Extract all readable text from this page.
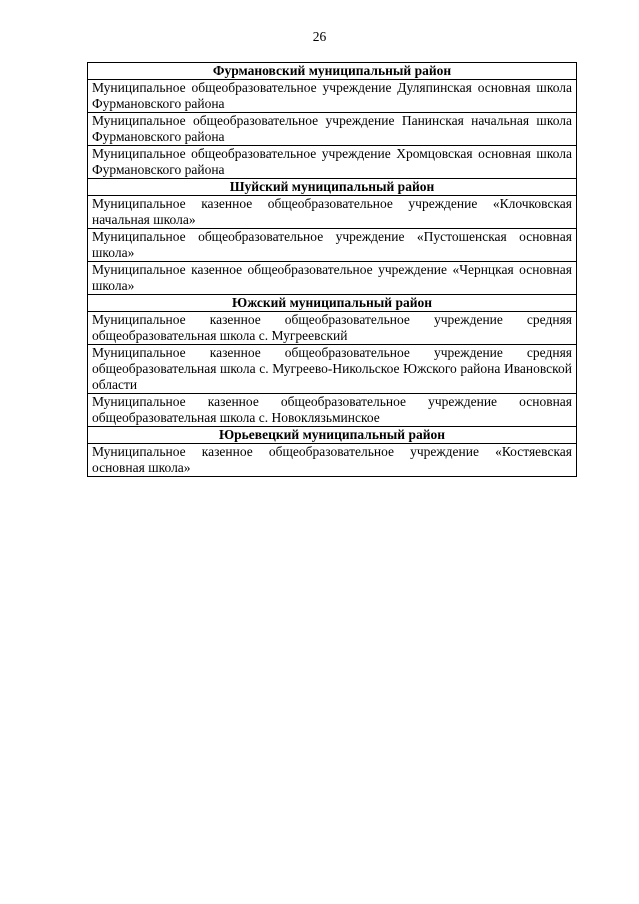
26
Фурмановский муниципальный район
Муниципальное общеобразовательное учреждение Дуляпинская основная школа Фурмановского района
Муниципальное общеобразовательное учреждение Панинская начальная школа Фурмановского района
Муниципальное общеобразовательное учреждение Хромцовская основная школа Фурмановского района
Шуйский муниципальный район
Муниципальное казенное общеобразовательное учреждение «Клочковская начальная школа»
Муниципальное общеобразовательное учреждение «Пустошенская основная школа»
Муниципальное казенное общеобразовательное учреждение «Чернцкая основная школа»
Южский муниципальный район
Муниципальное казенное общеобразовательное учреждение средняя общеобразовательная школа с. Мугреевский
Муниципальное казенное общеобразовательное учреждение средняя общеобразовательная школа с. Мугреево-Никольское Южского района Ивановской области
Муниципальное казенное общеобразовательное учреждение основная общеобразовательная школа с. Новоклязьминское
Юрьевецкий муниципальный район
Муниципальное казенное общеобразовательное учреждение «Костяевская основная школа»
